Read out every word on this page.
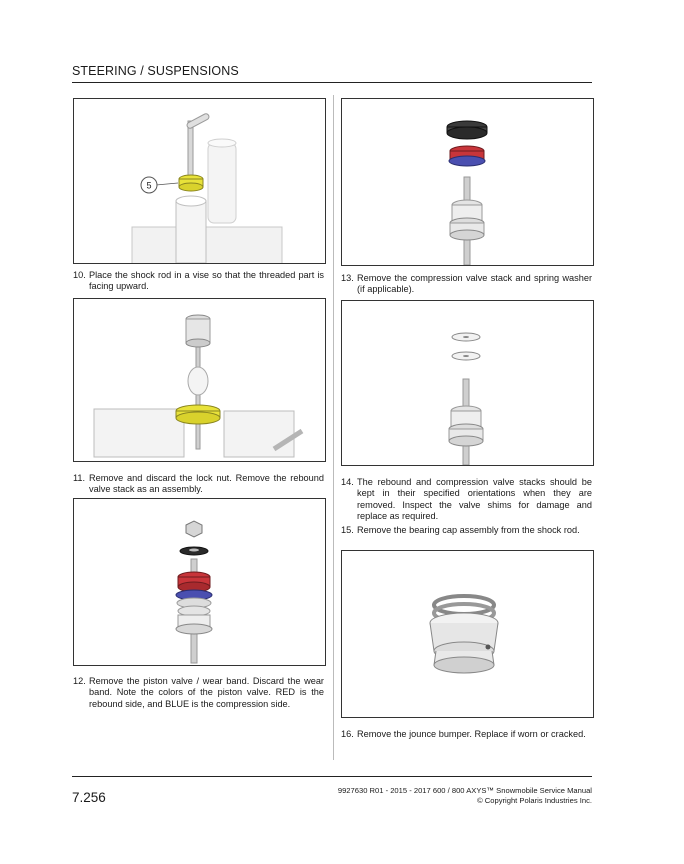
STEERING / SUSPENSIONS
5
10. Place the shock rod in a vise so that the threaded part is facing upward.
11. Remove and discard the lock nut. Remove the rebound valve stack as an assembly.
12. Remove the piston valve / wear band. Discard the wear band. Note the colors of the piston valve. RED is the rebound side, and BLUE is the compression side.
13. Remove the compression valve stack and spring washer (if applicable).
14. The rebound and compression valve stacks should be kept in their specified orientations when they are removed. Inspect the valve shims for damage and replace as required.
15. Remove the bearing cap assembly from the shock rod.
16. Remove the jounce bumper. Replace if worn or cracked.
7.256	9927630 R01 - 2015 - 2017 600 / 800 AXYS™ Snowmobile Service Manual
© Copyright Polaris Industries Inc.
